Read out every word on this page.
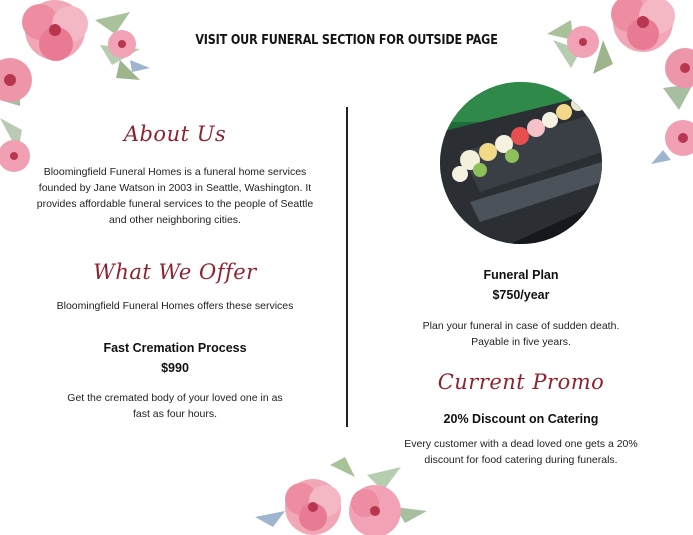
VISIT OUR FUNERAL SECTION FOR OUTSIDE PAGE
About Us
Bloomingfield Funeral Homes is a funeral home services founded by Jane Watson in 2003 in Seattle, Washington. It provides affordable funeral services to the people of Seattle and other neighboring cities.
What We Offer
Bloomingfield Funeral Homes offers these services
Fast Cremation Process
$990
Get the cremated body of your loved one in as fast as four hours.
Funeral Plan
$750/year
Plan your funeral in case of sudden death. Payable in five years.
Current Promo
20% Discount on Catering
Every customer with a dead loved one gets a 20% discount for food catering during funerals.
